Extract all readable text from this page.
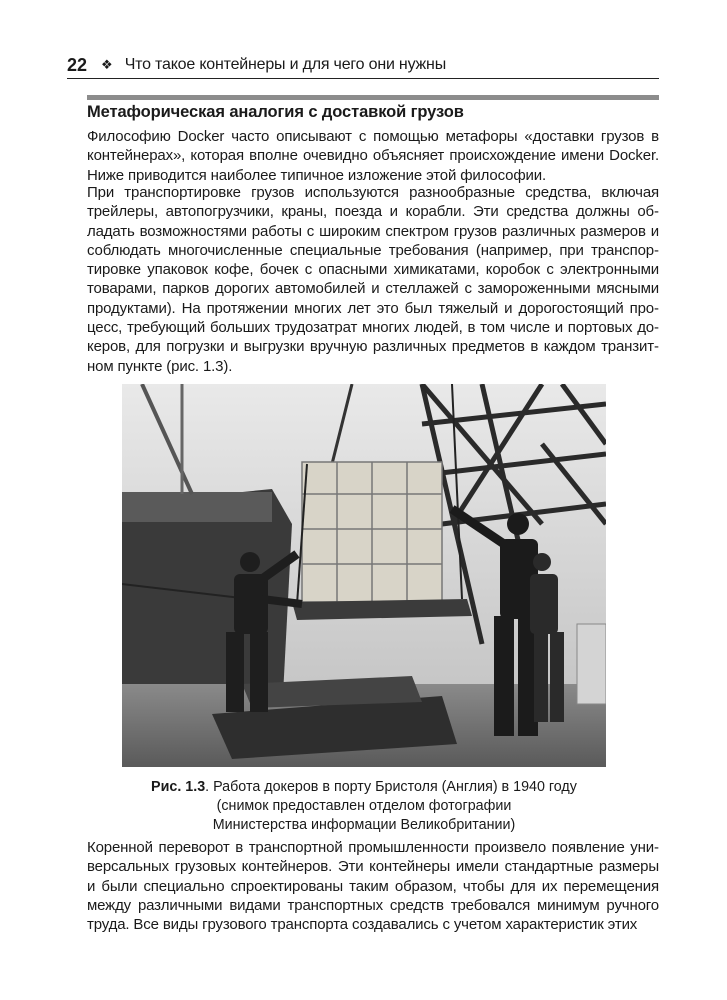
22 ❖ Что такое контейнеры и для чего они нужны
Метафорическая аналогия с доставкой грузов
Философию Docker часто описывают с помощью метафоры «доставки грузов в контейнерах», которая вполне очевидно объясняет происхождение имени Docker. Ниже приводится наиболее типичное изложение этой философии.
При транспортировке грузов используются разнообразные средства, включая трейлеры, автопогрузчики, краны, поезда и корабли. Эти средства должны обладать возможностями работы с широким спектром грузов различных размеров и соблюдать многочисленные специальные требования (например, при транспортировке упаковок кофе, бочек с опасными химикатами, коробок с электронными товарами, парков дорогих автомобилей и стеллажей с замороженными мясными продуктами). На протяжении многих лет это был тяжелый и дорогостоящий процесс, требующий больших трудозатрат многих людей, в том числе и портовых докеров, для погрузки и выгрузки вручную различных предметов в каждом транзитном пункте (рис. 1.3).
Рис. 1.3. Работа докеров в порту Бристоля (Англия) в 1940 году
(снимок предоставлен отделом фотографии
Министерства информации Великобритании)
Коренной переворот в транспортной промышленности произвело появление универсальных грузовых контейнеров. Эти контейнеры имели стандартные размеры и были специально спроектированы таким образом, чтобы для их перемещения между различными видами транспортных средств требовался минимум ручного труда. Все виды грузового транспорта создавались с учетом характеристик этих
